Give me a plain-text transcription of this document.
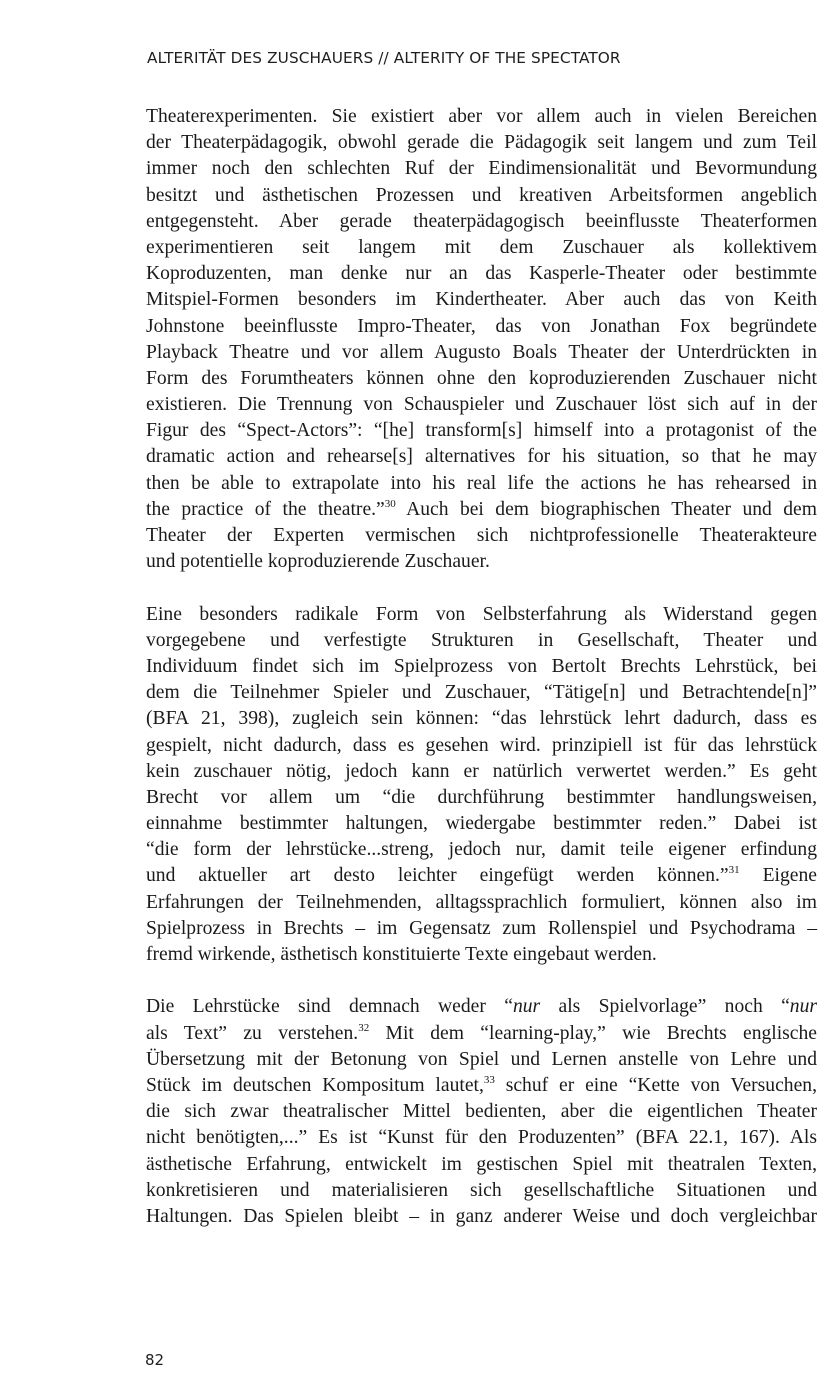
ALTERITÄT DES ZUSCHAUERS // ALTERITY OF THE SPECTATOR
Theaterexperimenten. Sie existiert aber vor allem auch in vielen Bereichen
der Theaterpädagogik, obwohl gerade die Pädagogik seit langem und zum Teil
immer noch den schlechten Ruf der Eindimensionalität und Bevormundung
besitzt und ästhetischen Prozessen und kreativen Arbeitsformen angeblich
entgegensteht. Aber gerade theaterpädagogisch beeinflusste Theaterformen
experimentieren seit langem mit dem Zuschauer als kollektivem
Koproduzenten, man denke nur an das Kasperle-Theater oder bestimmte
Mitspiel-Formen besonders im Kindertheater. Aber auch das von Keith
Johnstone beeinflusste Impro-Theater, das von Jonathan Fox begründete
Playback Theatre und vor allem Augusto Boals Theater der Unterdrückten in
Form des Forumtheaters können ohne den koproduzierenden Zuschauer nicht
existieren. Die Trennung von Schauspieler und Zuschauer löst sich auf in der
Figur des “Spect-Actors”: “[he] transform[s] himself into a protagonist of the
dramatic action and rehearse[s] alternatives for his situation, so that he may
then be able to extrapolate into his real life the actions he has rehearsed in
the practice of the theatre.”$^{30}$ Auch bei dem biographischen Theater und dem
Theater der Experten vermischen sich nichtprofessionelle Theaterakteure
und potentielle koproduzierende Zuschauer.
Eine besonders radikale Form von Selbsterfahrung als Widerstand gegen
vorgegebene und verfestigte Strukturen in Gesellschaft, Theater und
Individuum findet sich im Spielprozess von Bertolt Brechts Lehrstück, bei
dem die Teilnehmer Spieler und Zuschauer, “Tätige[n] und Betrachtende[n]”
(BFA 21, 398), zugleich sein können: “das lehrstück lehrt dadurch, dass es
gespielt, nicht dadurch, dass es gesehen wird. prinzipiell ist für das lehrstück
kein zuschauer nötig, jedoch kann er natürlich verwertet werden.” Es geht
Brecht vor allem um “die durchführung bestimmter handlungsweisen,
einnahme bestimmter haltungen, wiedergabe bestimmter reden.” Dabei ist
“die form der lehrstücke...streng, jedoch nur, damit teile eigener erfindung
und aktueller art desto leichter eingefügt werden können.”$^{31}$ Eigene
Erfahrungen der Teilnehmenden, alltagssprachlich formuliert, können also im
Spielprozess in Brechts – im Gegensatz zum Rollenspiel und Psychodrama –
fremd wirkende, ästhetisch konstituierte Texte eingebaut werden.
Die Lehrstücke sind demnach weder “nur als Spielvorlage” noch “nur
als Text” zu verstehen.$^{32}$ Mit dem “learning-play,” wie Brechts englische
Übersetzung mit der Betonung von Spiel und Lernen anstelle von Lehre und
Stück im deutschen Kompositum lautet,$^{33}$ schuf er eine “Kette von Versuchen,
die sich zwar theatralischer Mittel bedienten, aber die eigentlichen Theater
nicht benötigten,...” Es ist “Kunst für den Produzenten” (BFA 22.1, 167). Als
ästhetische Erfahrung, entwickelt im gestischen Spiel mit theatralen Texten,
konkretisieren und materialisieren sich gesellschaftliche Situationen und
Haltungen. Das Spielen bleibt – in ganz anderer Weise und doch vergleichbar
82
